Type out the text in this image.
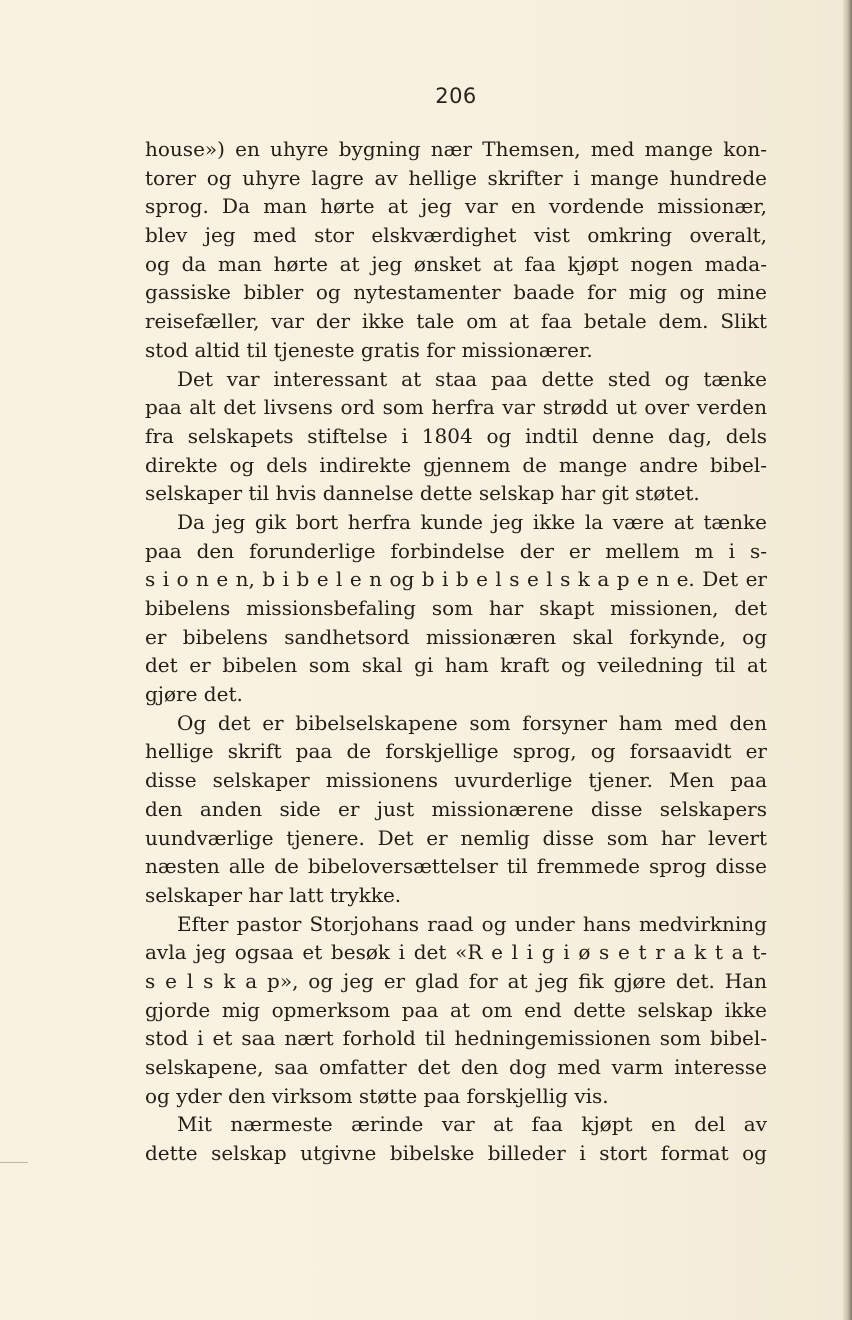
206
house») en uhyre bygning nær Themsen, med mange kon-
torer og uhyre lagre av hellige skrifter i mange hundrede
sprog. Da man hørte at jeg var en vordende missionær,
blev jeg med stor elskværdighet vist omkring overalt,
og da man hørte at jeg ønsket at faa kjøpt nogen mada-
gassiske bibler og nytestamenter baade for mig og mine
reisefæller, var der ikke tale om at faa betale dem. Slikt
stod altid til tjeneste gratis for missionærer.
Det var interessant at staa paa dette sted og tænke
paa alt det livsens ord som herfra var strødd ut over verden
fra selskapets stiftelse i 1804 og indtil denne dag, dels
direkte og dels indirekte gjennem de mange andre bibel-
selskaper til hvis dannelse dette selskap har git støtet.
Da jeg gik bort herfra kunde jeg ikke la være at tænke
paa den forunderlige forbindelse der er mellem m i s-
s i o n e n, b i b e l e n og b i b e l s e l s k a p e n e. Det er
bibelens missionsbefaling som har skapt missionen, det
er bibelens sandhetsord missionæren skal forkynde, og
det er bibelen som skal gi ham kraft og veiledning til at
gjøre det.
Og det er bibelselskapene som forsyner ham med den
hellige skrift paa de forskjellige sprog, og forsaavidt er
disse selskaper missionens uvurderlige tjener. Men paa
den anden side er just missionærene disse selskapers
uundværlige tjenere. Det er nemlig disse som har levert
næsten alle de bibeloversættelser til fremmede sprog disse
selskaper har latt trykke.
Efter pastor Storjohans raad og under hans medvirkning
avla jeg ogsaa et besøk i det «R e l i g i ø s e t r a k t a t-
s e l s k a p», og jeg er glad for at jeg fik gjøre det. Han
gjorde mig opmerksom paa at om end dette selskap ikke
stod i et saa nært forhold til hedningemissionen som bibel-
selskapene, saa omfatter det den dog med varm interesse
og yder den virksom støtte paa forskjellig vis.
Mit nærmeste ærinde var at faa kjøpt en del av
dette selskap utgivne bibelske billeder i stort format og
